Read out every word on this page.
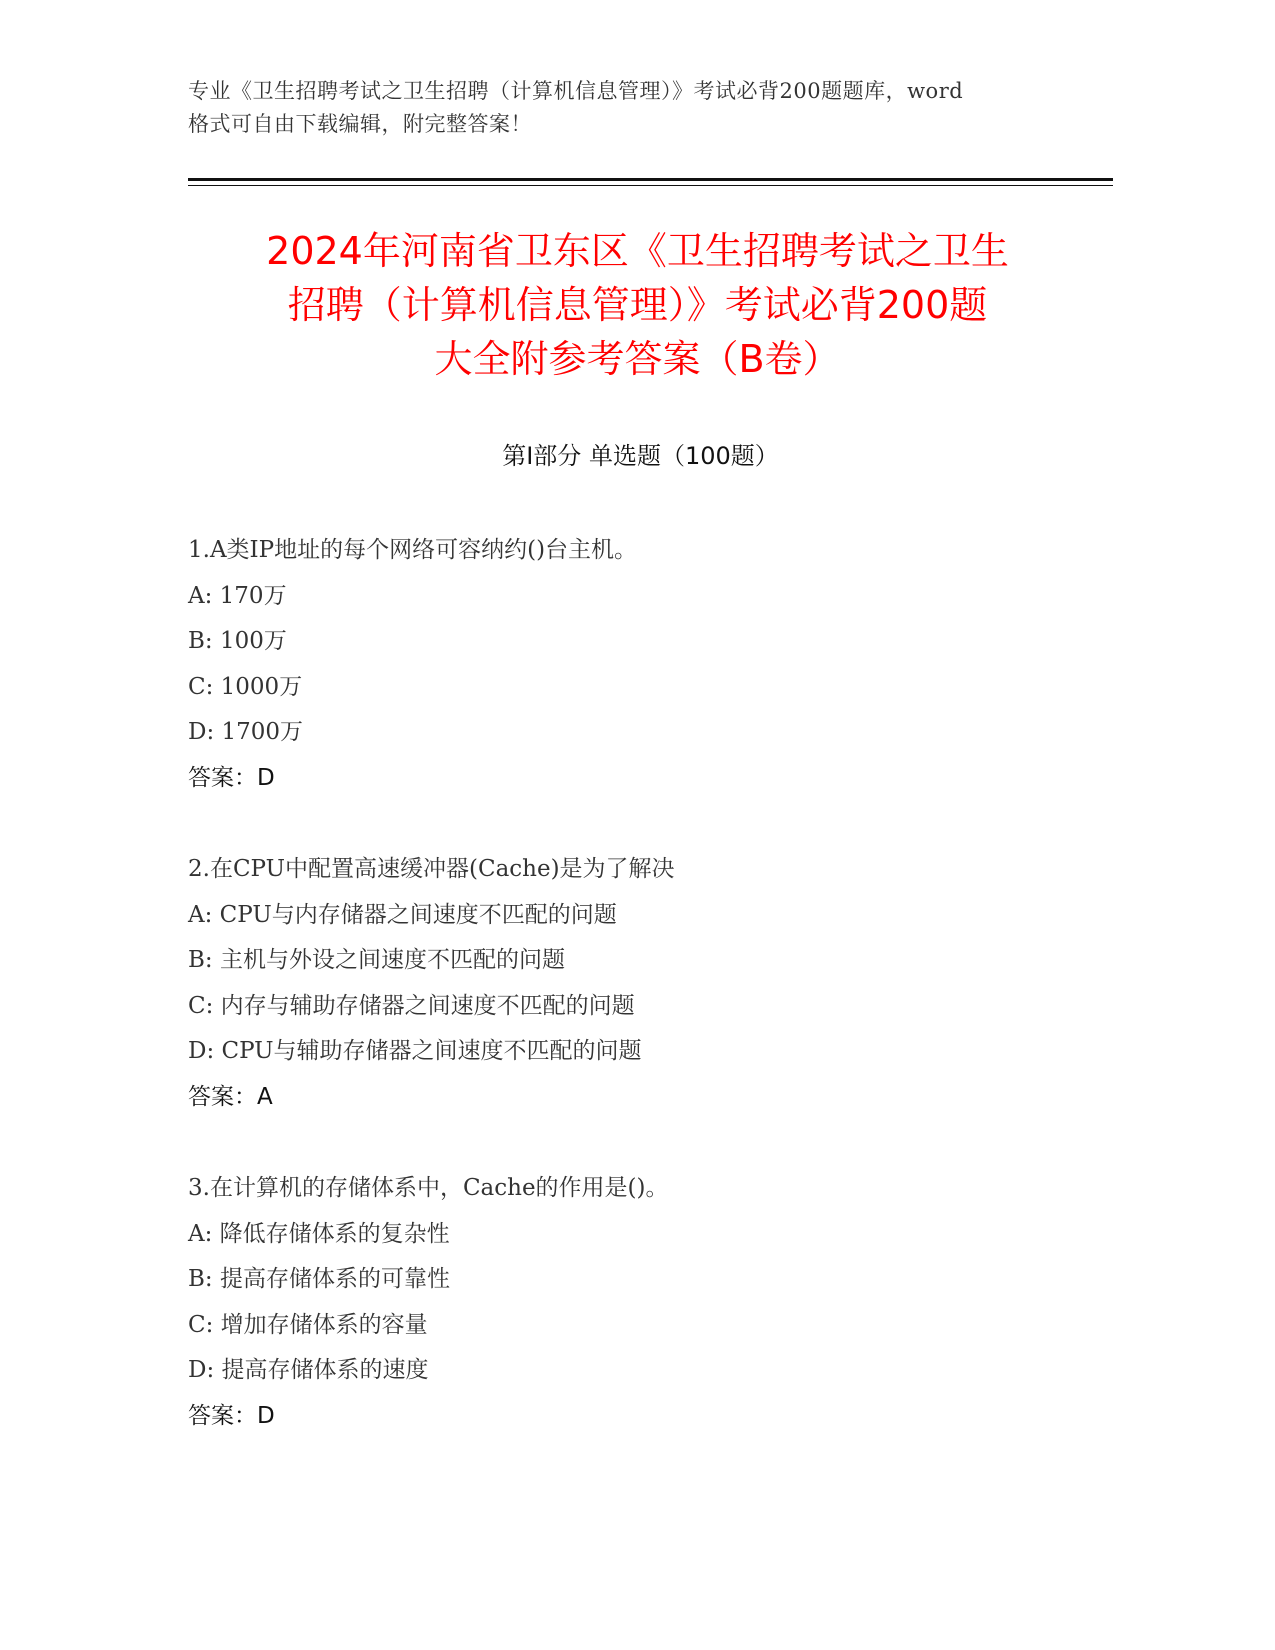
专业《卫生招聘考试之卫生招聘（计算机信息管理）》考试必背200题题库，word
格式可自由下载编辑，附完整答案！
2024年河南省卫东区《卫生招聘考试之卫生
招聘（计算机信息管理）》考试必背200题
大全附参考答案（B卷）
第Ⅰ部分 单选题（100题）
1.A类IP地址的每个网络可容纳约()台主机。
A: 170万
B: 100万
C: 1000万
D: 1700万
答案：D
2.在CPU中配置高速缓冲器(Cache)是为了解决
A: CPU与内存储器之间速度不匹配的问题
B: 主机与外设之间速度不匹配的问题
C: 内存与辅助存储器之间速度不匹配的问题
D: CPU与辅助存储器之间速度不匹配的问题
答案：A
3.在计算机的存储体系中，Cache的作用是()。
A: 降低存储体系的复杂性
B: 提高存储体系的可靠性
C: 增加存储体系的容量
D: 提高存储体系的速度
答案：D
